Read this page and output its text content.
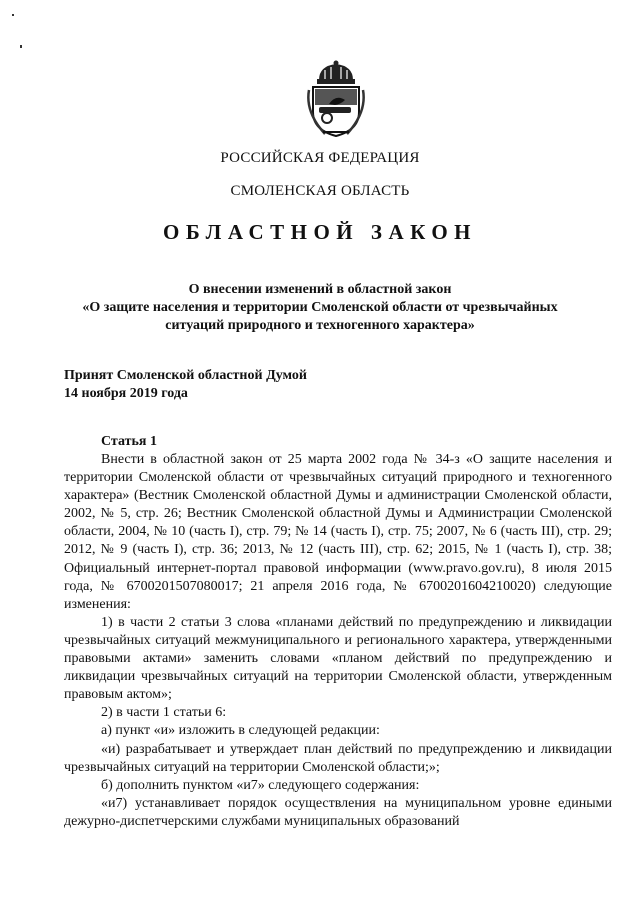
РОССИЙСКАЯ ФЕДЕРАЦИЯ
СМОЛЕНСКАЯ ОБЛАСТЬ
ОБЛАСТНОЙ ЗАКОН
О внесении изменений в областной закон
«О защите населения и территории Смоленской области от чрезвычайных
ситуаций природного и техногенного характера»
Принят Смоленской областной Думой
14 ноября 2019 года
Статья 1

Внести в областной закон от 25 марта 2002 года № 34-з «О защите населения и территории Смоленской области от чрезвычайных ситуаций природного и техногенного характера» (Вестник Смоленской областной Думы и администрации Смоленской области, 2002, № 5, стр. 26; Вестник Смоленской областной Думы и Администрации Смоленской области, 2004, № 10 (часть I), стр. 79; № 14 (часть I), стр. 75; 2007, № 6 (часть III), стр. 29; 2012, № 9 (часть I), стр. 36; 2013, № 12 (часть III), стр. 62; 2015, № 1 (часть I), стр. 38; Официальный интернет-портал правовой информации (www.pravo.gov.ru), 8 июля 2015 года, № 6700201507080017; 21 апреля 2016 года, № 6700201604210020) следующие изменения:

1) в части 2 статьи 3 слова «планами действий по предупреждению и ликвидации чрезвычайных ситуаций межмуниципального и регионального характера, утвержденными правовыми актами» заменить словами «планом действий по предупреждению и ликвидации чрезвычайных ситуаций на территории Смоленской области, утвержденным правовым актом»;

2) в части 1 статьи 6:

а) пункт «и» изложить в следующей редакции:

«и) разрабатывает и утверждает план действий по предупреждению и ликвидации чрезвычайных ситуаций на территории Смоленской области;»;

б) дополнить пунктом «и7» следующего содержания:

«и7) устанавливает порядок осуществления на муниципальном уровне едиными дежурно-диспетчерскими службами муниципальных образований
